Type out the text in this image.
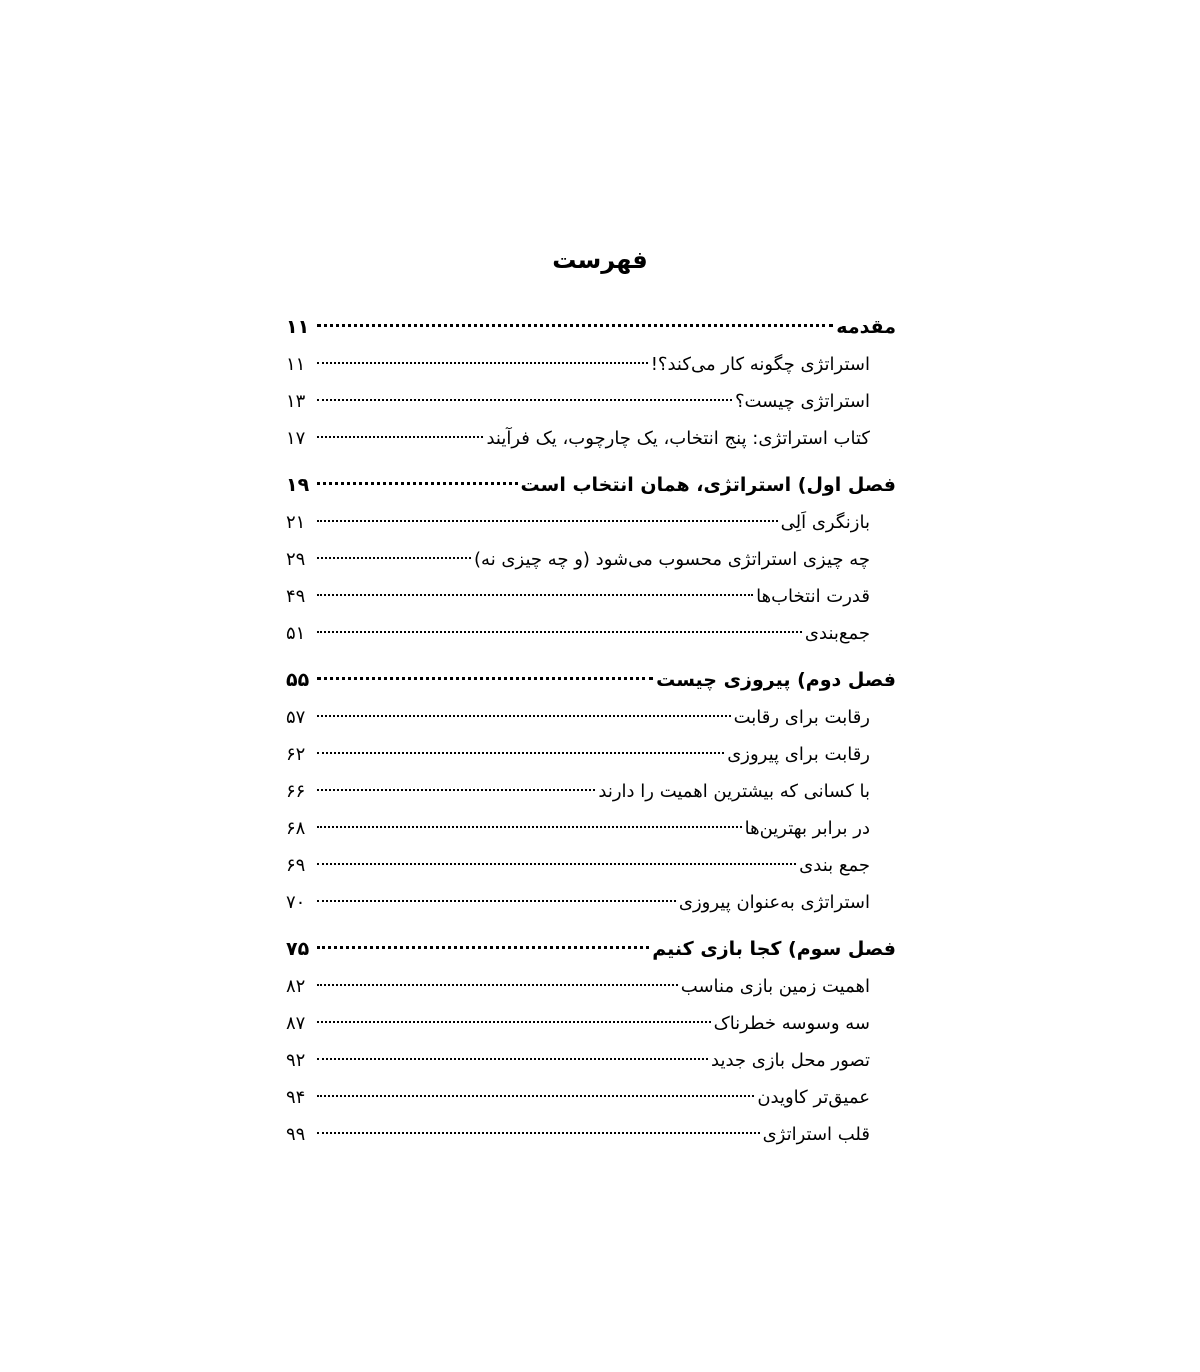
فهرست
مقدمه
۱۱
استراتژی چگونه کار می‌کند؟!
۱۱
استراتژی چیست؟
۱۳
کتاب استراتژی: پنج انتخاب، یک چارچوب، یک فرآیند
۱۷
فصل اول) استراتژی، همان انتخاب است
۱۹
بازنگری اَلِی
۲۱
چه چیزی استراتژی محسوب می‌شود (و چه چیزی نه)
۲۹
قدرت انتخاب‌ها
۴۹
جمع‌بندی
۵۱
فصل دوم) پیروزی چیست
۵۵
رقابت برای رقابت
۵۷
رقابت برای پیروزی
۶۲
با کسانی که بیشترین اهمیت را دارند
۶۶
در برابر بهترین‌ها
۶۸
جمع بندی
۶۹
استراتژی به‌عنوان پیروزی
۷۰
فصل سوم) کجا بازی کنیم
۷۵
اهمیت زمین بازی مناسب
۸۲
سه وسوسه خطرناک
۸۷
تصور محل بازی جدید
۹۲
عمیق‌تر کاویدن
۹۴
قلب استراتژی
۹۹
